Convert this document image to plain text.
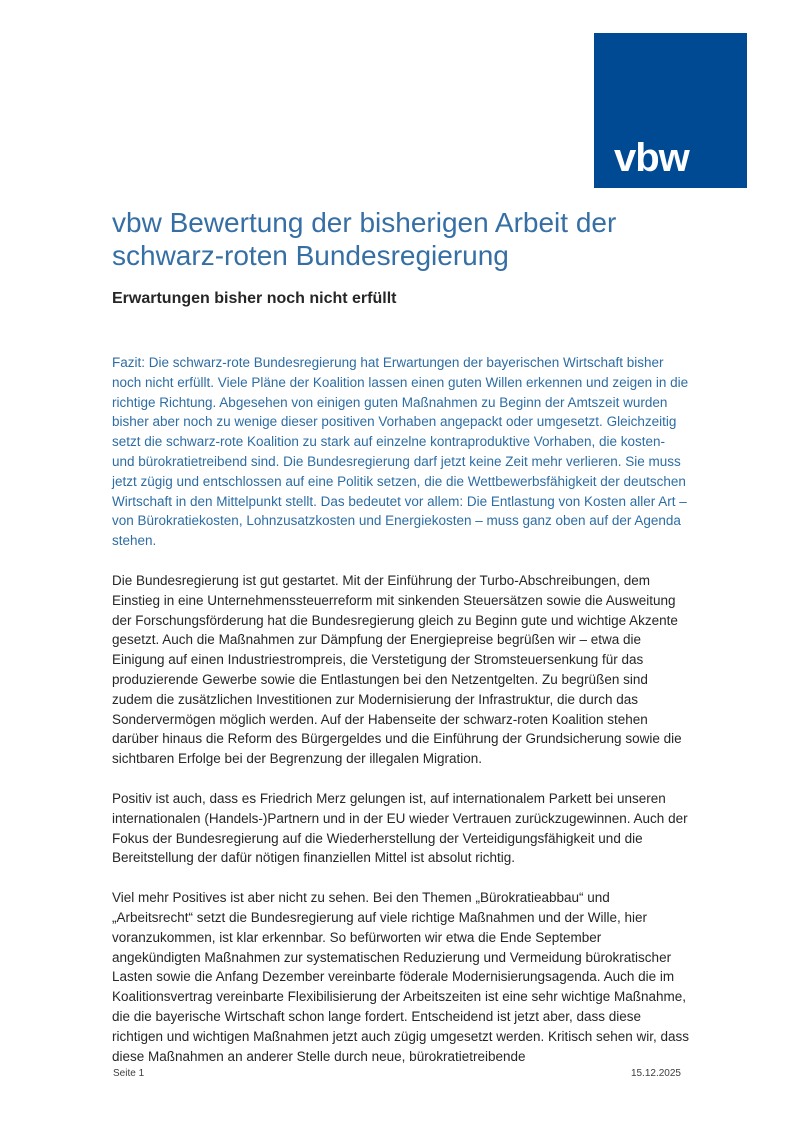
vbw
Die bayerische Wirtschaft
vbw Bewertung der bisherigen Arbeit der schwarz-roten Bundesregierung
Erwartungen bisher noch nicht erfüllt

Fazit: Die schwarz-rote Bundesregierung hat Erwartungen der bayerischen Wirtschaft bisher noch nicht erfüllt. Viele Pläne der Koalition lassen einen guten Willen erkennen und zeigen in die richtige Richtung. Abgesehen von einigen guten Maßnahmen zu Beginn der Amtszeit wurden bisher aber noch zu wenige dieser positiven Vorhaben angepackt oder umgesetzt. Gleichzeitig setzt die schwarz-rote Koalition zu stark auf einzelne kontraproduktive Vorhaben, die kosten- und bürokratietreibend sind. Die Bundesregierung darf jetzt keine Zeit mehr verlieren. Sie muss jetzt zügig und entschlossen auf eine Politik setzen, die die Wettbewerbsfähigkeit der deutschen Wirtschaft in den Mittelpunkt stellt. Das bedeutet vor allem: Die Entlastung von Kosten aller Art – von Bürokratiekosten, Lohnzusatzkosten und Energiekosten – muss ganz oben auf der Agenda stehen.

Die Bundesregierung ist gut gestartet. Mit der Einführung der Turbo-Abschreibungen, dem Einstieg in eine Unternehmenssteuerreform mit sinkenden Steuersätzen sowie die Ausweitung der Forschungsförderung hat die Bundesregierung gleich zu Beginn gute und wichtige Akzente gesetzt. Auch die Maßnahmen zur Dämpfung der Energiepreise begrüßen wir – etwa die Einigung auf einen Industriestrompreis, die Verstetigung der Stromsteuersenkung für das produzierende Gewerbe sowie die Entlastungen bei den Netzentgelten. Zu begrüßen sind zudem die zusätzlichen Investitionen zur Modernisierung der Infrastruktur, die durch das Sondervermögen möglich werden. Auf der Habenseite der schwarz-roten Koalition stehen darüber hinaus die Reform des Bürgergeldes und die Einführung der Grundsicherung sowie die sichtbaren Erfolge bei der Begrenzung der illegalen Migration.

Positiv ist auch, dass es Friedrich Merz gelungen ist, auf internationalem Parkett bei unseren internationalen (Handels-)Partnern und in der EU wieder Vertrauen zurückzugewinnen. Auch der Fokus der Bundesregierung auf die Wiederherstellung der Verteidigungsfähigkeit und die Bereitstellung der dafür nötigen finanziellen Mittel ist absolut richtig.

Viel mehr Positives ist aber nicht zu sehen. Bei den Themen „Bürokratieabbau“ und „Arbeitsrecht“ setzt die Bundesregierung auf viele richtige Maßnahmen und der Wille, hier voranzukommen, ist klar erkennbar. So befürworten wir etwa die Ende September angekündigten Maßnahmen zur systematischen Reduzierung und Vermeidung bürokratischer Lasten sowie die Anfang Dezember vereinbarte föderale Modernisierungsagenda. Auch die im Koalitionsvertrag vereinbarte Flexibilisierung der Arbeitszeiten ist eine sehr wichtige Maßnahme, die die bayerische Wirtschaft schon lange fordert. Entscheidend ist jetzt aber, dass diese richtigen und wichtigen Maßnahmen jetzt auch zügig umgesetzt werden. Kritisch sehen wir, dass diese Maßnahmen an anderer Stelle durch neue, bürokratietreibende

Seite 1	15.12.2025
